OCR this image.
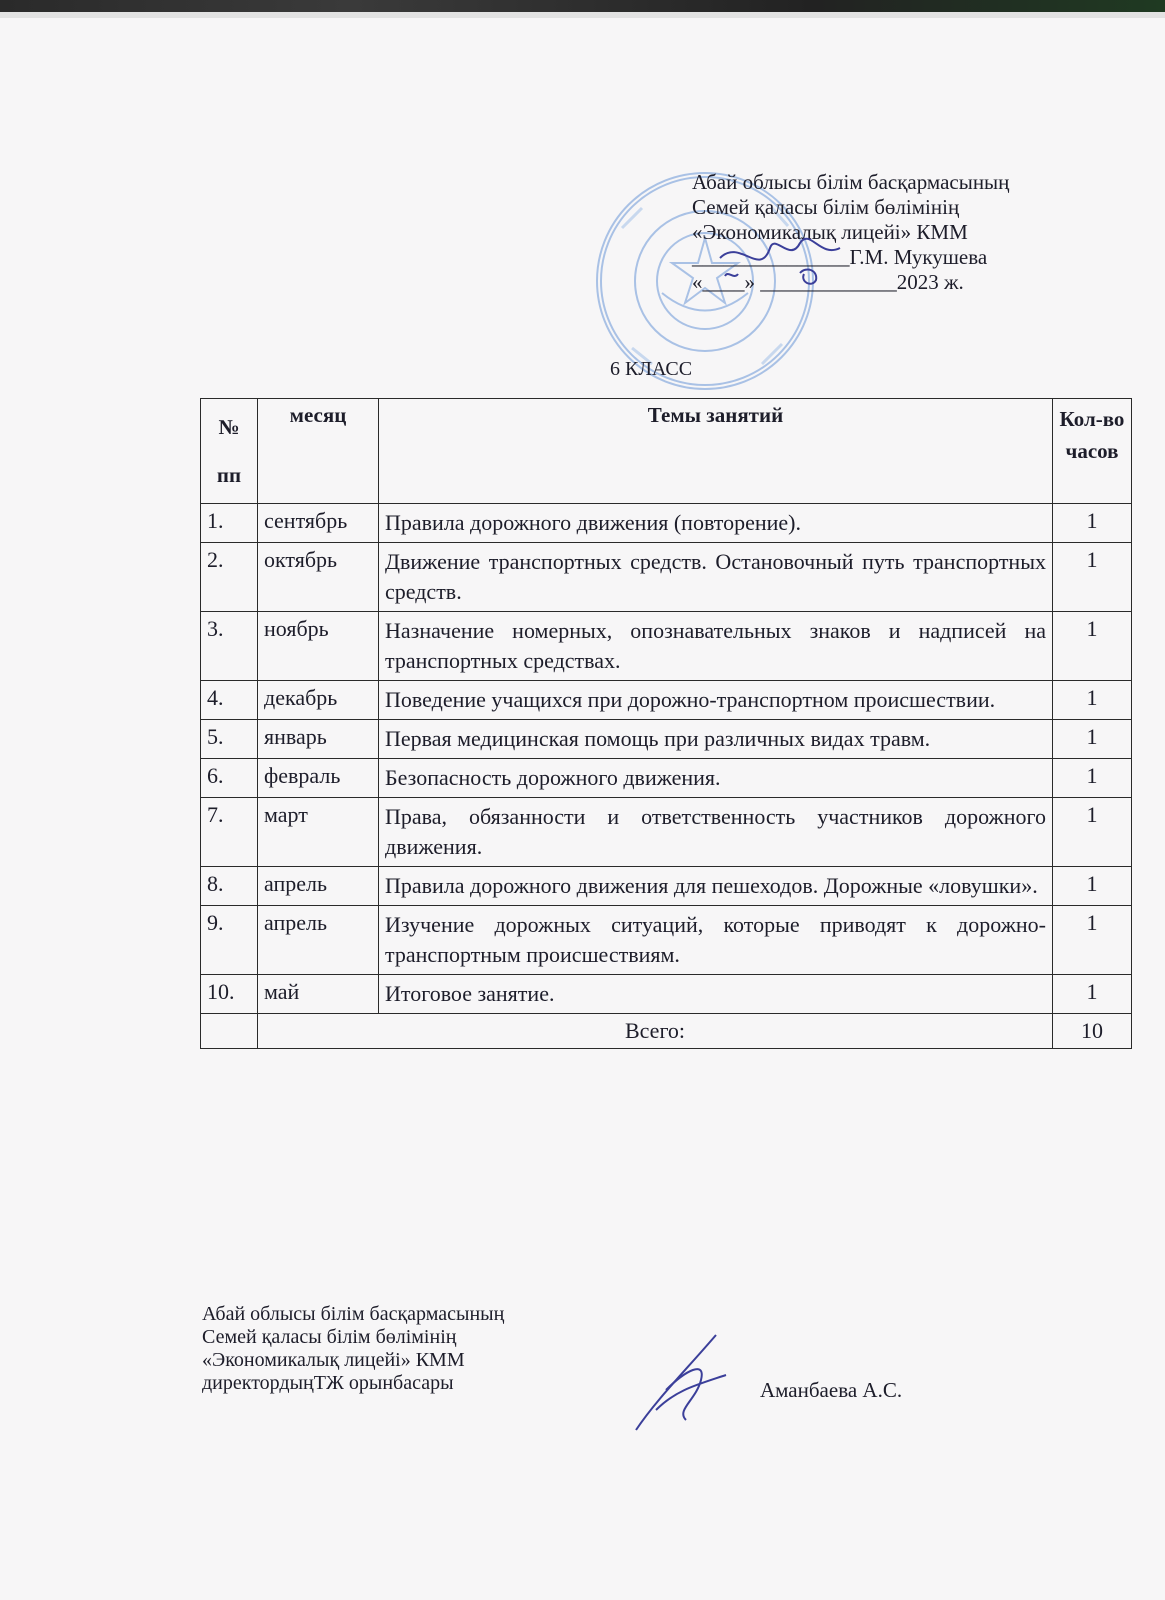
Абай облысы білім басқармасының
Семей қаласы білім бөлімінің
«Экономикалық лицейі» КММ
_______________Г.М. Мукушева
«____» _____________2023 ж.
6 КЛАСС
№ пп	месяц	Темы занятий	Кол-во часов
1.	сентябрь	Правила дорожного движения (повторение).	1
2.	октябрь	Движение транспортных средств. Остановочный путь транспортных средств.	1
3.	ноябрь	Назначение номерных, опознавательных знаков и надписей на транспортных средствах.	1
4.	декабрь	Поведение учащихся при дорожно-транспортном происшествии.	1
5.	январь	Первая медицинская помощь при различных видах травм.	1
6.	февраль	Безопасность дорожного движения.	1
7.	март	Права, обязанности и ответственность участников дорожного движения.	1
8.	апрель	Правила дорожного движения для пешеходов. Дорожные «ловушки».	1
9.	апрель	Изучение дорожных ситуаций, которые приводят к дорожно-транспортным происшествиям.	1
10.	май	Итоговое занятие.	1
	Всего:		10
Абай облысы білім басқармасының
Семей қаласы білім бөлімінің
«Экономикалық лицейі» КММ
директордыңТЖ орынбасары	Аманбаева А.С.
